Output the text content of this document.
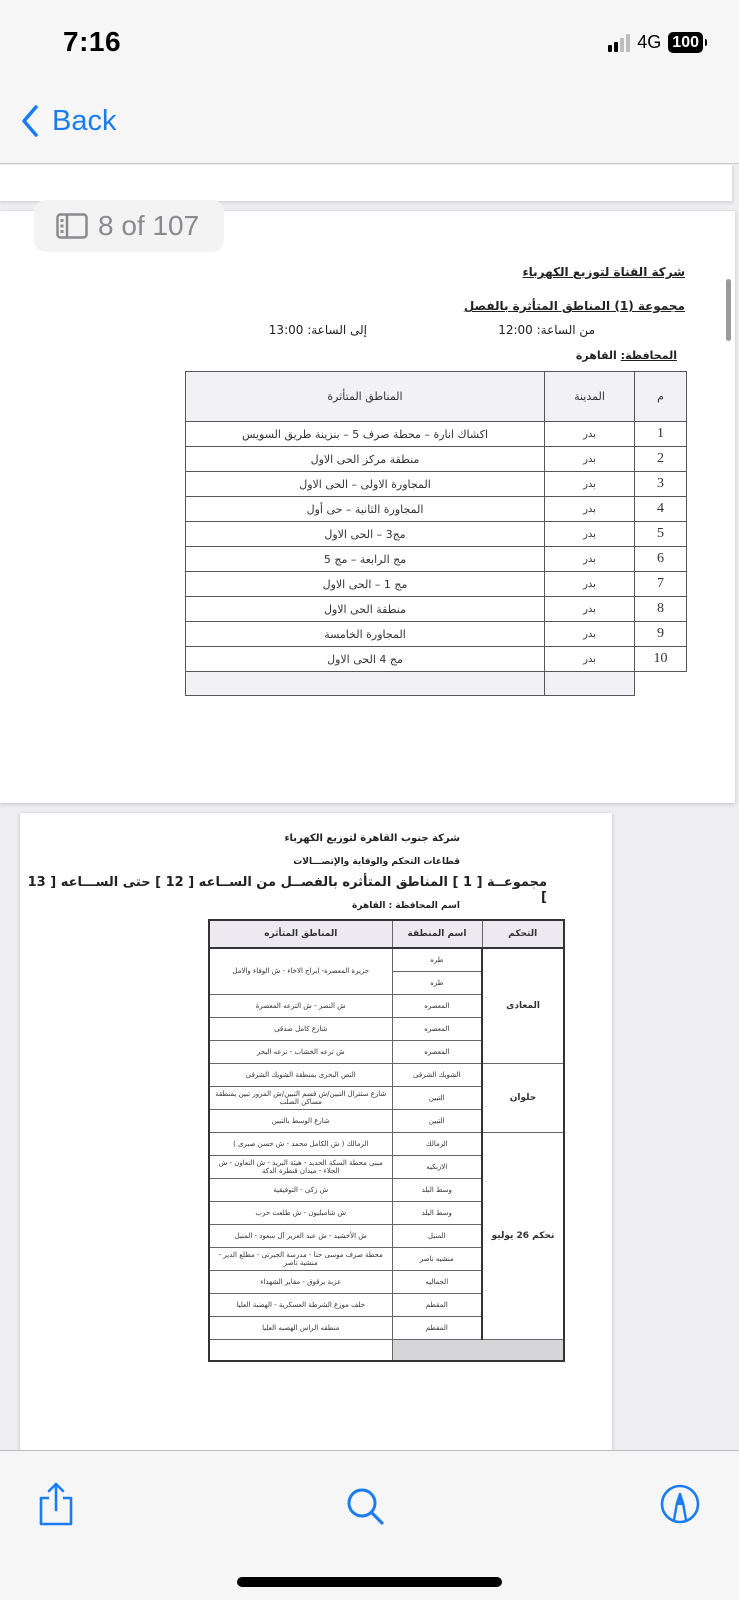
7:16	4G 100
Back
شركة القناة لتوزيع الكهرباء
مجموعة (1) المناطق المتأثرة بالفصل
من الساعة: 12:00
إلى الساعة: 13:00
المحافظة: القاهرة
م	المدينة	المناطق المتأثرة
1	بدر	اكشاك انارة – محطة صرف 5 – بنزينة طريق السويس
2	بدر	منطقة مركز الحى الاول
3	بدر	المجاورة الاولى – الحى الاول
4	بدر	المجاورة الثانية – حى أول
5	بدر	مج3 – الحى الاول
6	بدر	مج الرابعة – مج 5
7	بدر	مج 1 – الحى الاول
8	بدر	منطقة الحى الاول
9	بدر	المجاورة الخامسة
10	بدر	مج 4 الحى الاول

شركة جنوب القاهرة لتوزيع الكهرباء
قطاعات التحكم والوقاية والإتصـــالات
مجموعــة [ 1 ] المناطق المتأثره بالفصــل من الســاعه [ 12 ] حتى الســـاعه [ 13 ]
اسم المحافظة : القاهرة
التحكم	اسم المنطقة	المناطق المتأثره
المعادى	طره	جزيرة المعصرة- ابراج الاخاء - ش الوفاء والامل
	طره	
	المعصره	ش النصر - ش الترعه المعصرة
	المعصره	شارع كامل صدقى
	المعصره	ش ترعه الخشاب - ترعه البحر
حلوان	الشويك الشرقى	النص البحرى بمنطقة الشويك الشرقى
	التبين	شارع ستترال التبين/ش قسم التبين/ش المرور تبين بمنطقة مساكن الصلب
	التبين	شارع الوسط بالتبين
تحكم 26 يوليو	الزمالك	الزمالك ( ش الكامل محمد - ش حسن صبرى )
	الازبكيه	مبنى محطة السكة الحديد - هيئة البريد - ش التعاون - ش الجلاء - ميدان قنطرة الدكة
	وسط البلد	ش زكى - التوفيقية
	وسط البلد	ش شامبليون - ش طلعت حرب
	المنيل	ش الأخشيد - ش عبد العزيز آل سعود - المنيل
	منشيه ناصر	محطة صرف موسى حنا - مدرسة الجبرتى - مطلع الدير - منشية ناصر
	الجماليه	عزبة برقوق - مقابر الشهداء
	المقطم	خلف موزع الشرطة العسكرية - الهضبة العليا
	المقطم	منطقه الراس الهضبه العليا

8 of 107
